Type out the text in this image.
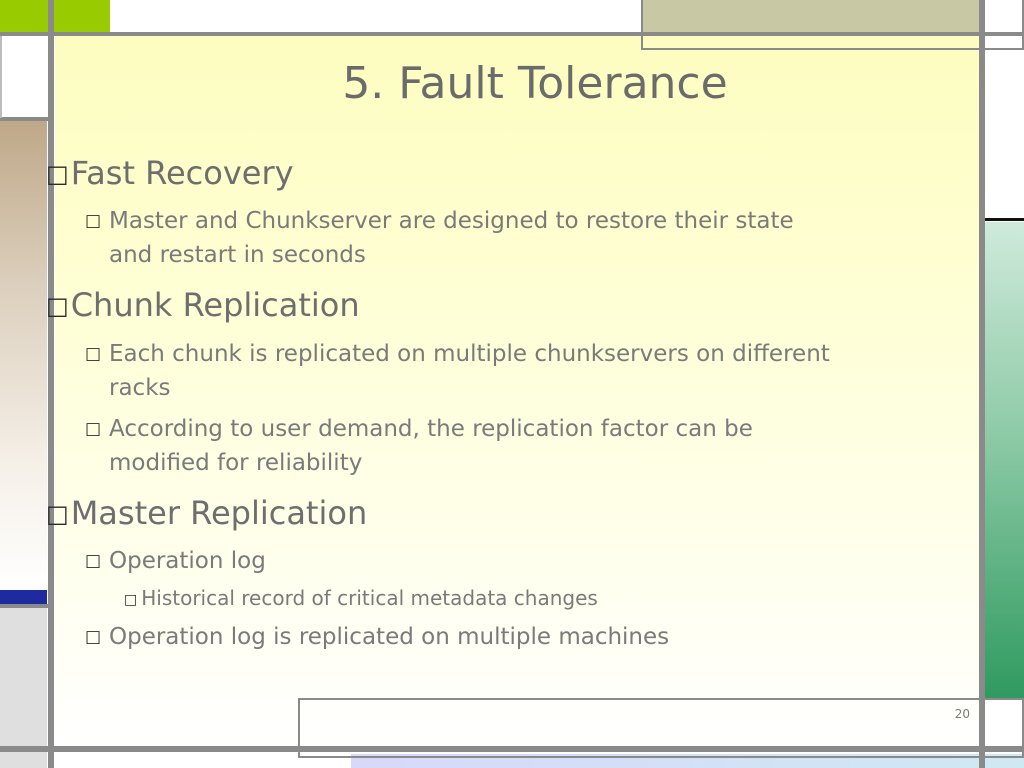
5. Fault Tolerance
□Fast Recovery
□ Master and Chunkserver are designed to restore their state
and restart in seconds
□Chunk Replication
□ Each chunk is replicated on multiple chunkservers on different
racks
□ According to user demand, the replication factor can be
modified for reliability
□Master Replication
□ Operation log
□ Historical record of critical metadata changes
□ Operation log is replicated on multiple machines
20
